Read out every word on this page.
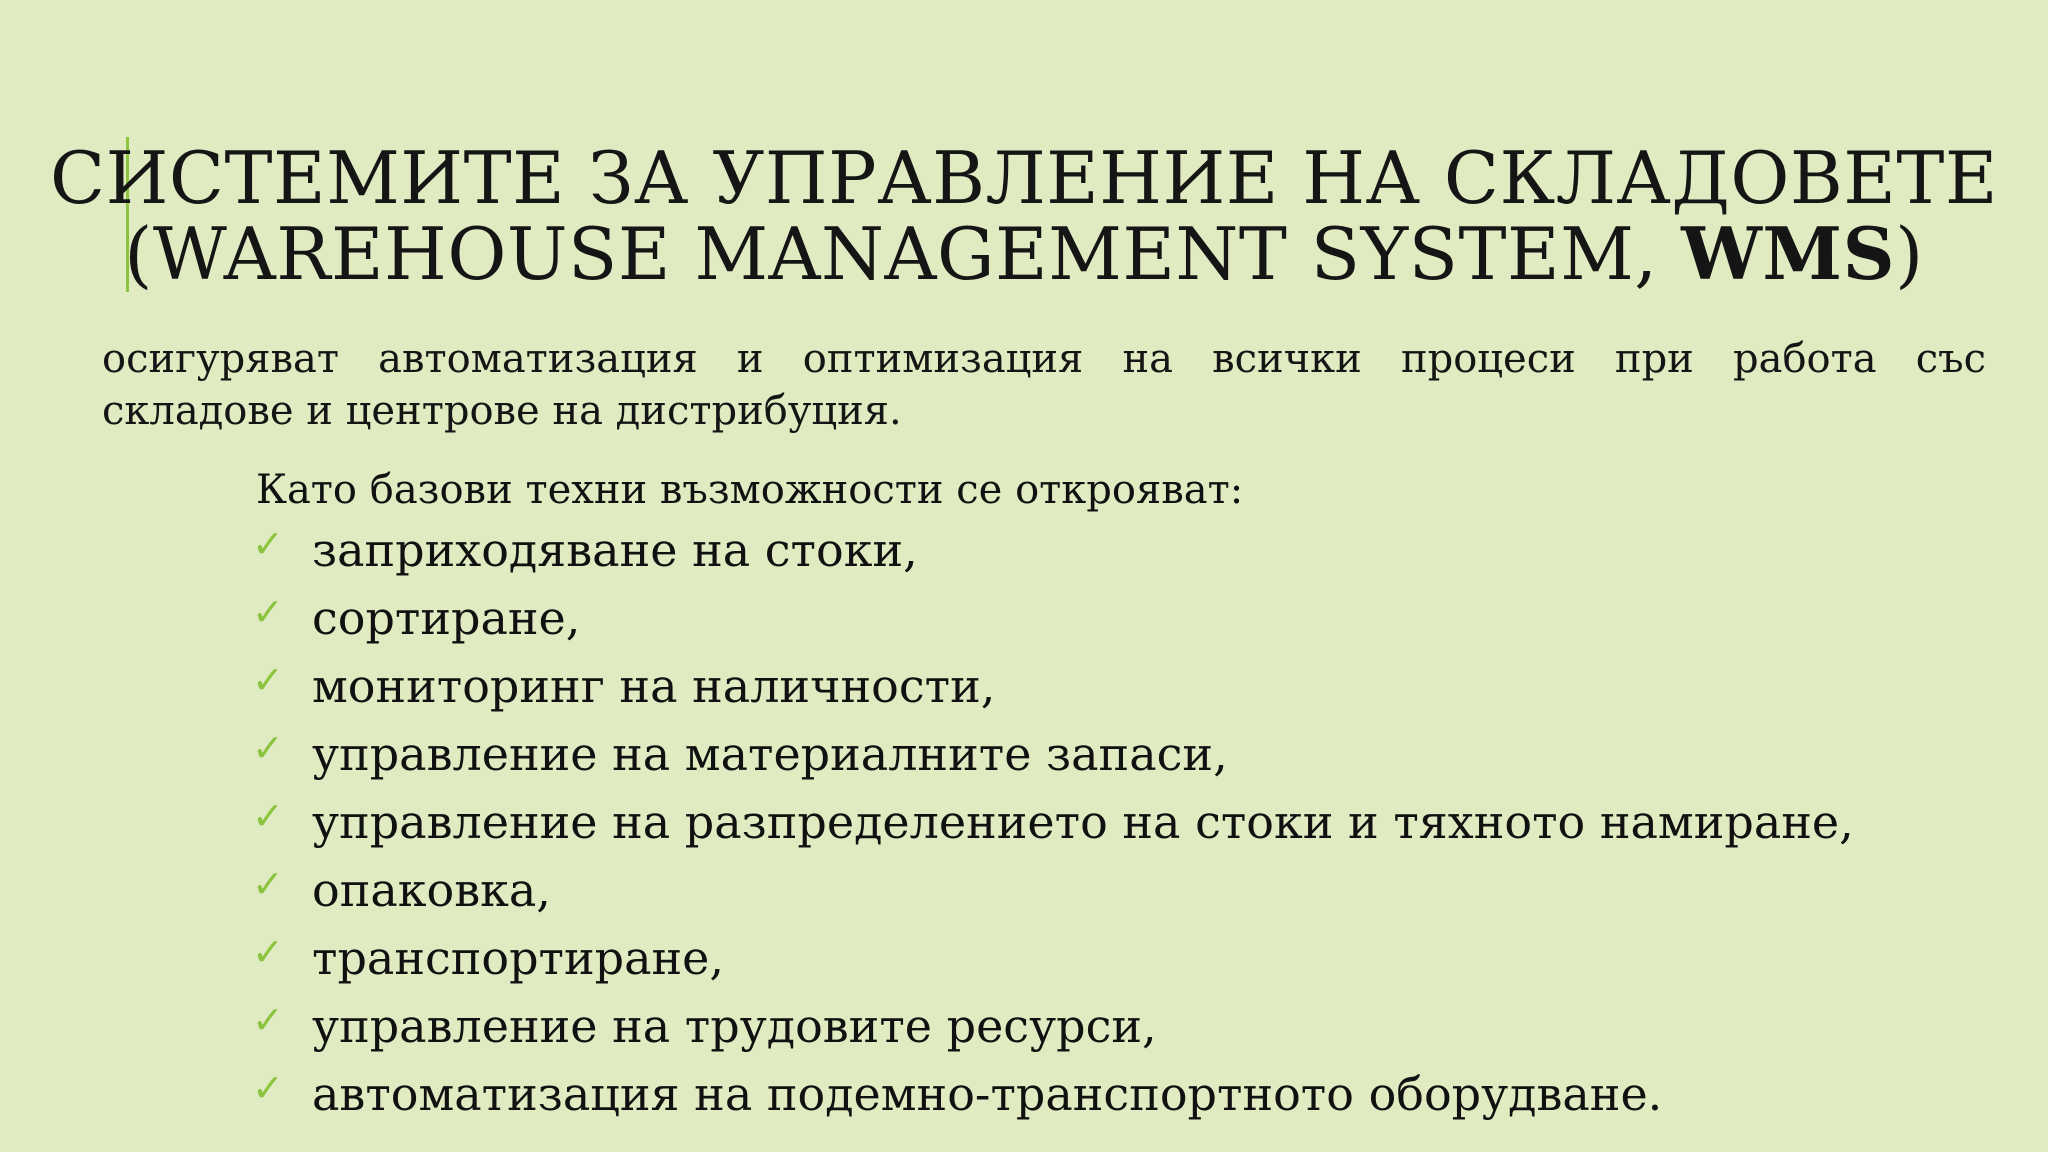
СИСТЕМИТЕ ЗА УПРАВЛЕНИЕ НА СКЛАДОВЕТЕ
(WAREHOUSE MANAGEMENT SYSTEM, WMS)
осигуряват автоматизация и оптимизация на всички процеси при работа със
складове и центрове на дистрибуция.
Като базови техни възможности се открояват:
✓ заприходяване на стоки,
✓ сортиране,
✓ мониторинг на наличности,
✓ управление на материалните запаси,
✓ управление на разпределението на стоки и тяхното намиране,
✓ опаковка,
✓ транспортиране,
✓ управление на трудовите ресурси,
✓ автоматизация на подемно-транспортното оборудване.
